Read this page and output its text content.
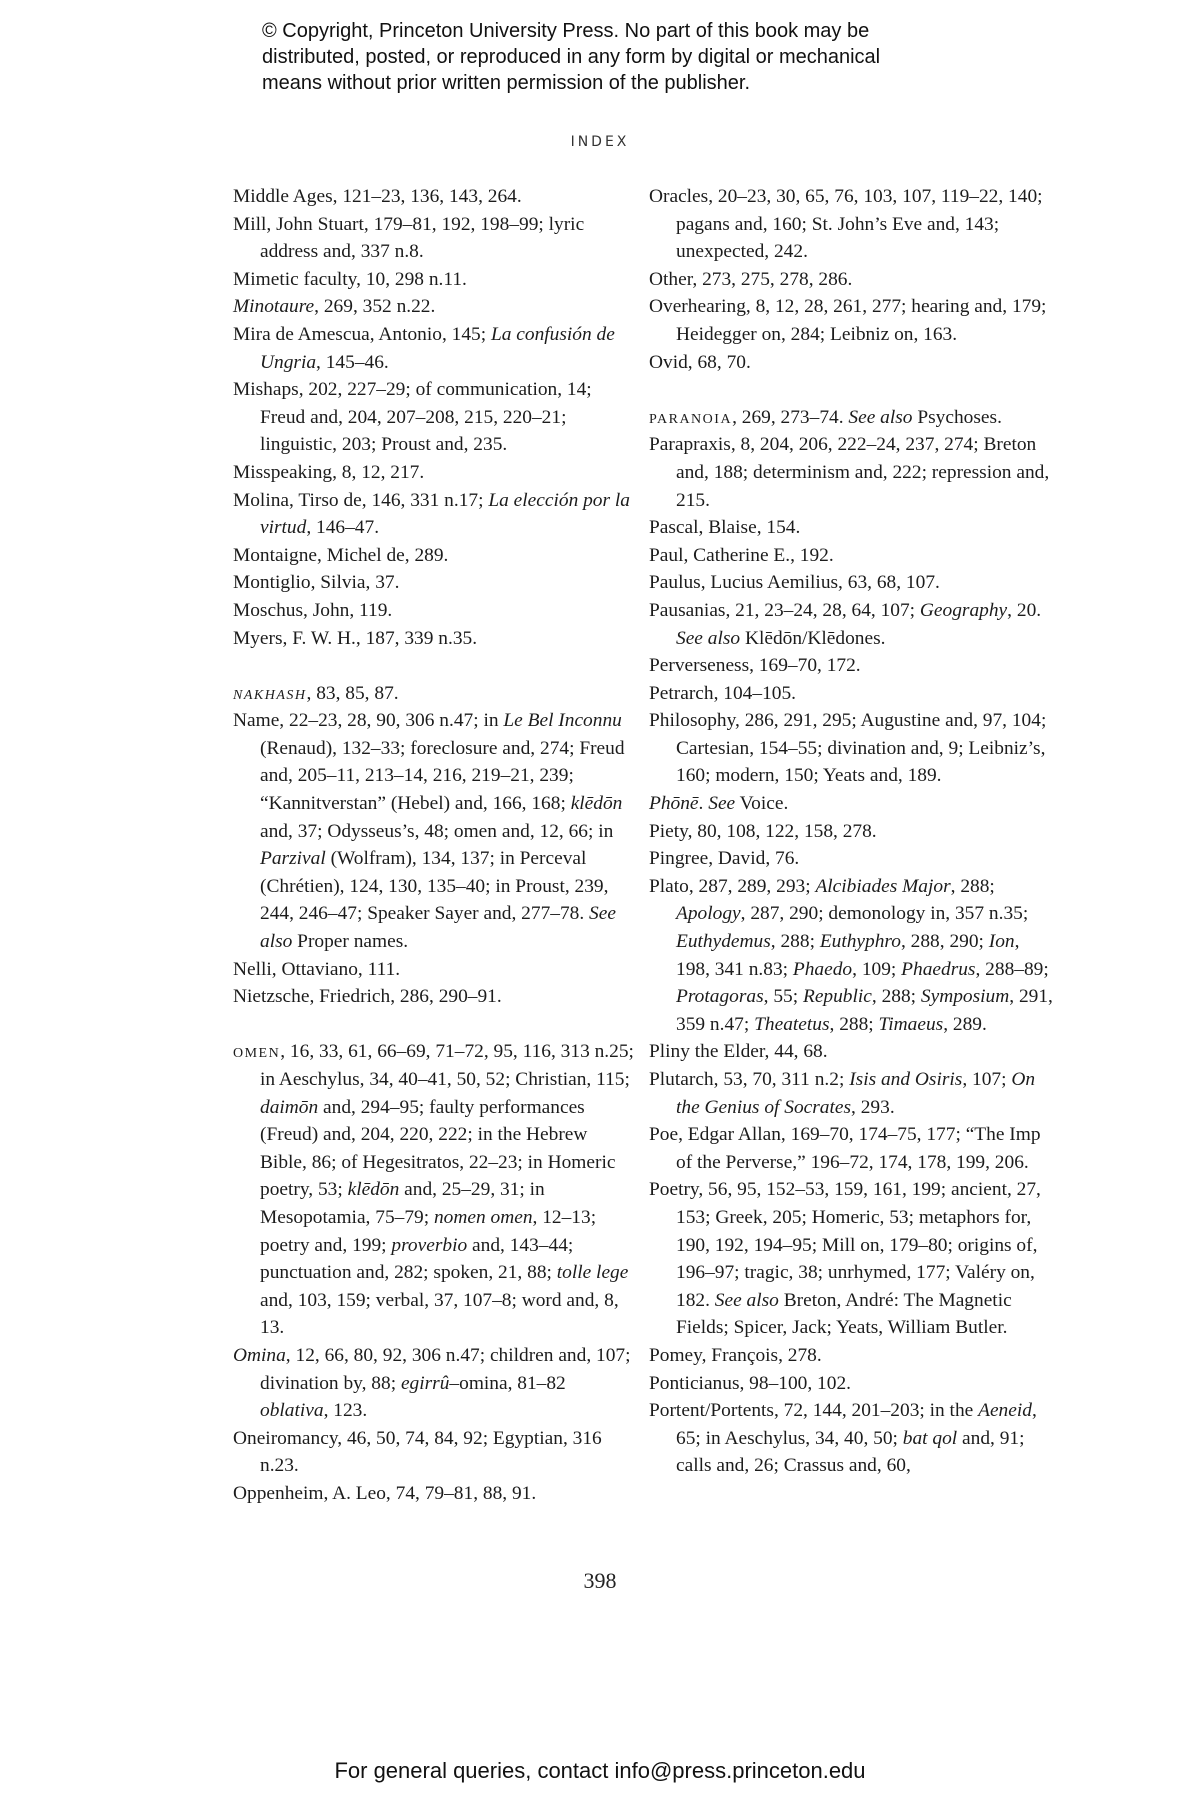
© Copyright, Princeton University Press. No part of this book may be
distributed, posted, or reproduced in any form by digital or mechanical
means without prior written permission of the publisher.
INDEX
Middle Ages, 121–23, 136, 143, 264.
Mill, John Stuart, 179–81, 192, 198–99; lyric address and, 337 n.8.
Mimetic faculty, 10, 298 n.11.
Minotaure, 269, 352 n.22.
Mira de Amescua, Antonio, 145; La confusión de Ungria, 145–46.
Mishaps, 202, 227–29; of communication, 14; Freud and, 204, 207–208, 215, 220–21; linguistic, 203; Proust and, 235.
Misspeaking, 8, 12, 217.
Molina, Tirso de, 146, 331 n.17; La elección por la virtud, 146–47.
Montaigne, Michel de, 289.
Montiglio, Silvia, 37.
Moschus, John, 119.
Myers, F. W. H., 187, 339 n.35.
nakhash, 83, 85, 87.
Name, 22–23, 28, 90, 306 n.47; in Le Bel Inconnu (Renaud), 132–33; foreclosure and, 274; Freud and, 205–11, 213–14, 216, 219–21, 239; “Kannitverstan” (Hebel) and, 166, 168; klēdōn and, 37; Odysseus’s, 48; omen and, 12, 66; in Parzival (Wolfram), 134, 137; in Perceval (Chrétien), 124, 130, 135–40; in Proust, 239, 244, 246–47; Speaker Sayer and, 277–78. See also Proper names.
Nelli, Ottaviano, 111.
Nietzsche, Friedrich, 286, 290–91.
omen, 16, 33, 61, 66–69, 71–72, 95, 116, 313 n.25; in Aeschylus, 34, 40–41, 50, 52; Christian, 115; daimōn and, 294–95; faulty performances (Freud) and, 204, 220, 222; in the Hebrew Bible, 86; of Hegesitratos, 22–23; in Homeric poetry, 53; klēdōn and, 25–29, 31; in Mesopotamia, 75–79; nomen omen, 12–13; poetry and, 199; proverbio and, 143–44; punctuation and, 282; spoken, 21, 88; tolle lege and, 103, 159; verbal, 37, 107–8; word and, 8, 13.
Omina, 12, 66, 80, 92, 306 n.47; children and, 107; divination by, 88; egirrû–omina, 81–82 oblativa, 123.
Oneiromancy, 46, 50, 74, 84, 92; Egyptian, 316 n.23.
Oppenheim, A. Leo, 74, 79–81, 88, 91.
Oracles, 20–23, 30, 65, 76, 103, 107, 119–22, 140; pagans and, 160; St. John’s Eve and, 143; unexpected, 242.
Other, 273, 275, 278, 286.
Overhearing, 8, 12, 28, 261, 277; hearing and, 179; Heidegger on, 284; Leibniz on, 163.
Ovid, 68, 70.
paranoia, 269, 273–74. See also Psychoses.
Parapraxis, 8, 204, 206, 222–24, 237, 274; Breton and, 188; determinism and, 222; repression and, 215.
Pascal, Blaise, 154.
Paul, Catherine E., 192.
Paulus, Lucius Aemilius, 63, 68, 107.
Pausanias, 21, 23–24, 28, 64, 107; Geography, 20. See also Klēdōn/Klēdones.
Perverseness, 169–70, 172.
Petrarch, 104–105.
Philosophy, 286, 291, 295; Augustine and, 97, 104; Cartesian, 154–55; divination and, 9; Leibniz’s, 160; modern, 150; Yeats and, 189.
Phōnē. See Voice.
Piety, 80, 108, 122, 158, 278.
Pingree, David, 76.
Plato, 287, 289, 293; Alcibiades Major, 288; Apology, 287, 290; demonology in, 357 n.35; Euthydemus, 288; Euthyphro, 288, 290; Ion, 198, 341 n.83; Phaedo, 109; Phaedrus, 288–89; Protagoras, 55; Republic, 288; Symposium, 291, 359 n.47; Theatetus, 288; Timaeus, 289.
Pliny the Elder, 44, 68.
Plutarch, 53, 70, 311 n.2; Isis and Osiris, 107; On the Genius of Socrates, 293.
Poe, Edgar Allan, 169–70, 174–75, 177; “The Imp of the Perverse,” 196–72, 174, 178, 199, 206.
Poetry, 56, 95, 152–53, 159, 161, 199; ancient, 27, 153; Greek, 205; Homeric, 53; metaphors for, 190, 192, 194–95; Mill on, 179–80; origins of, 196–97; tragic, 38; unrhymed, 177; Valéry on, 182. See also Breton, André: The Magnetic Fields; Spicer, Jack; Yeats, William Butler.
Pomey, François, 278.
Ponticianus, 98–100, 102.
Portent/Portents, 72, 144, 201–203; in the Aeneid, 65; in Aeschylus, 34, 40, 50; bat qol and, 91; calls and, 26; Crassus and, 60,
398
For general queries, contact info@press.princeton.edu
